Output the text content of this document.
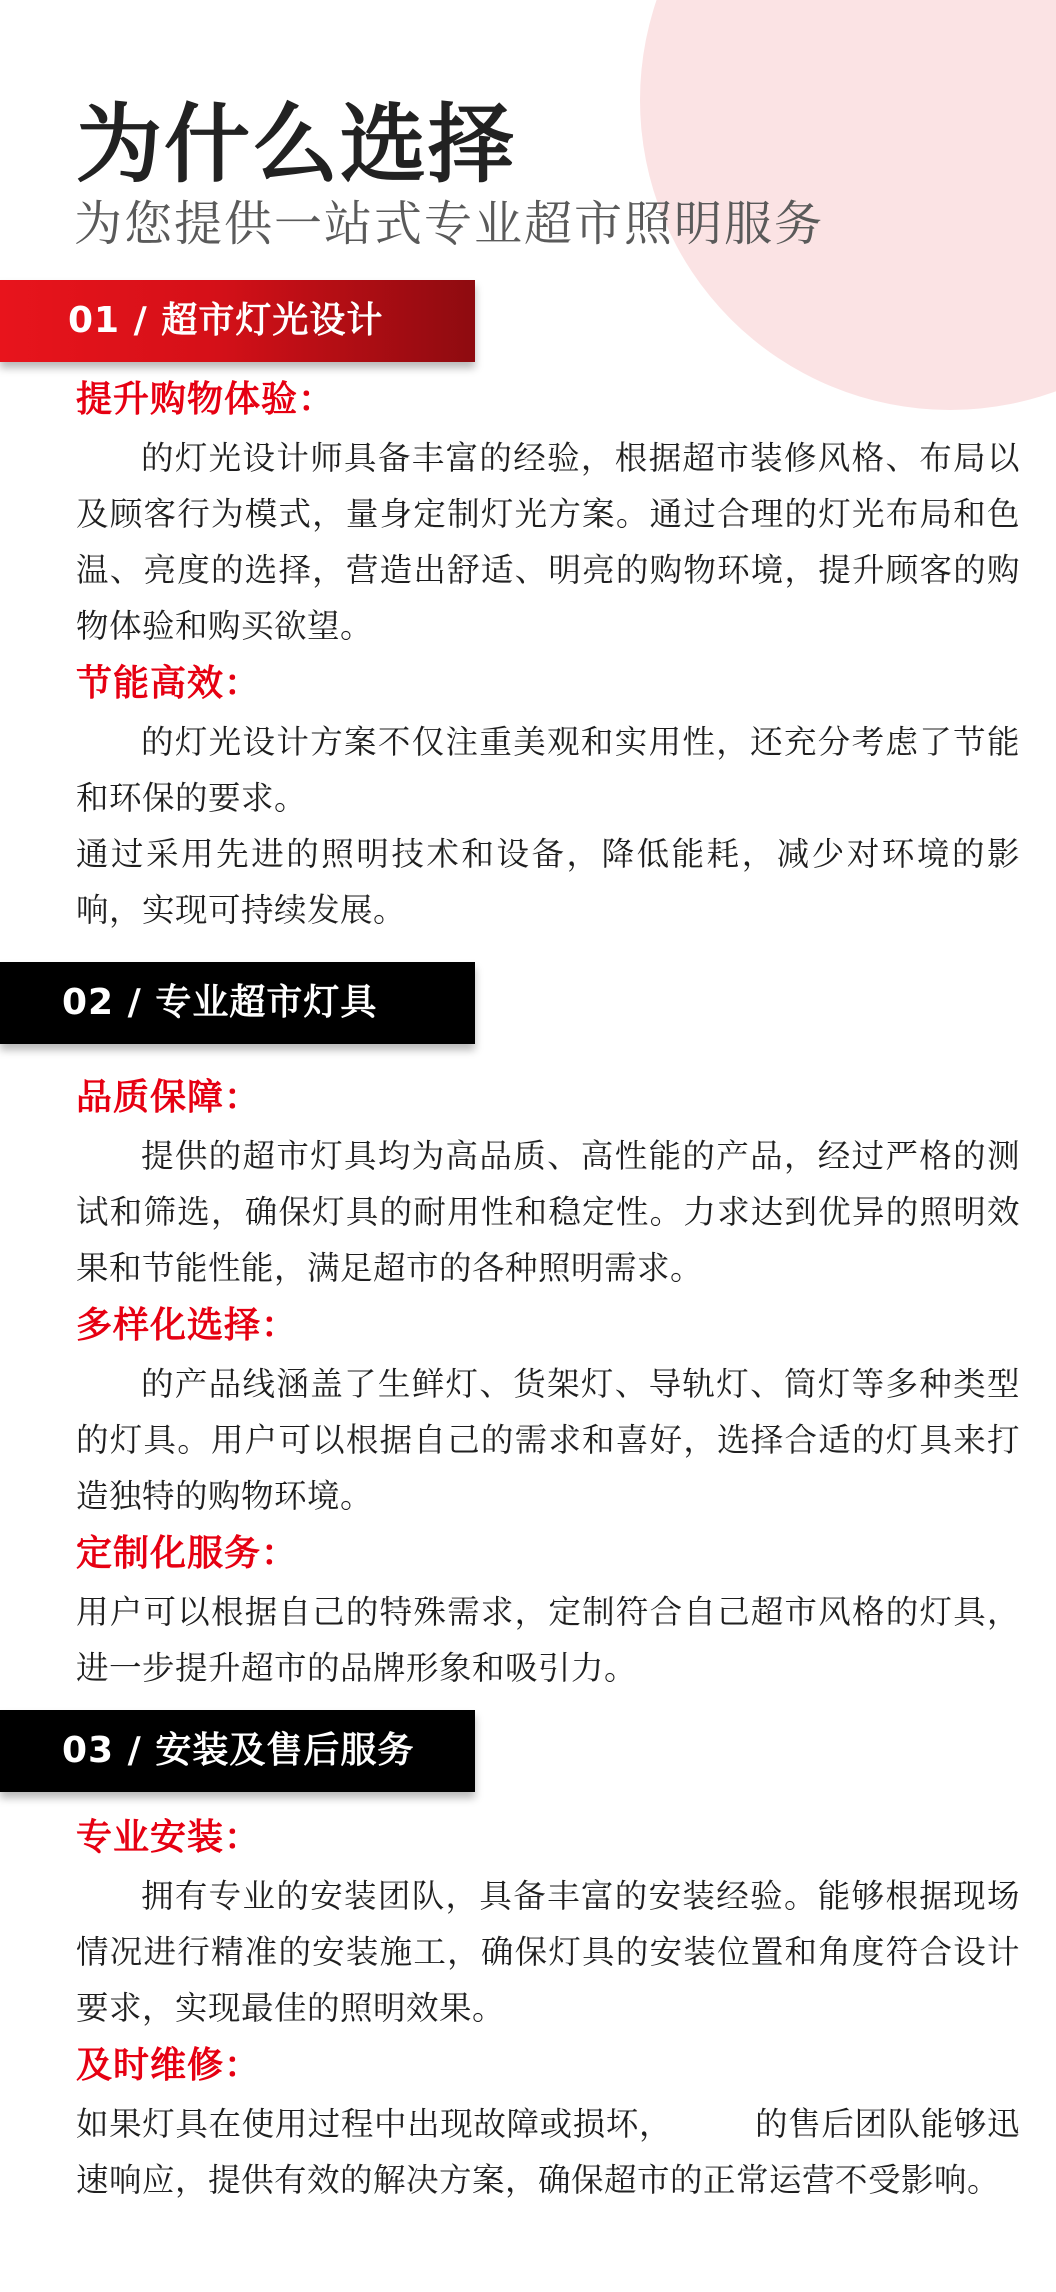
为什么选择
为您提供一站式专业超市照明服务
01 / 超市灯光设计
提升购物体验：

的灯光设计师具备丰富的经验，根据超市装修风格、布局以及顾客行为模式，量身定制灯光方案。通过合理的灯光布局和色温、亮度的选择，营造出舒适、明亮的购物环境，提升顾客的购物体验和购买欲望。

节能高效：

的灯光设计方案不仅注重美观和实用性，还充分考虑了节能和环保的要求。

通过采用先进的照明技术和设备，降低能耗，减少对环境的影响，实现可持续发展。

02 / 专业超市灯具
品质保障：

提供的超市灯具均为高品质、高性能的产品，经过严格的测试和筛选，确保灯具的耐用性和稳定性。力求达到优异的照明效果和节能性能，满足超市的各种照明需求。

多样化选择：

的产品线涵盖了生鲜灯、货架灯、导轨灯、筒灯等多种类型的灯具。用户可以根据自己的需求和喜好，选择合适的灯具来打造独特的购物环境。

定制化服务：

用户可以根据自己的特殊需求，定制符合自己超市风格的灯具，进一步提升超市的品牌形象和吸引力。

03 / 安装及售后服务
专业安装：

拥有专业的安装团队，具备丰富的安装经验。能够根据现场情况进行精准的安装施工，确保灯具的安装位置和角度符合设计要求，实现最佳的照明效果。

及时维修：

如果灯具在使用过程中出现故障或损坏，　　　的售后团队能够迅速响应，提供有效的解决方案，确保超市的正常运营不受影响。
